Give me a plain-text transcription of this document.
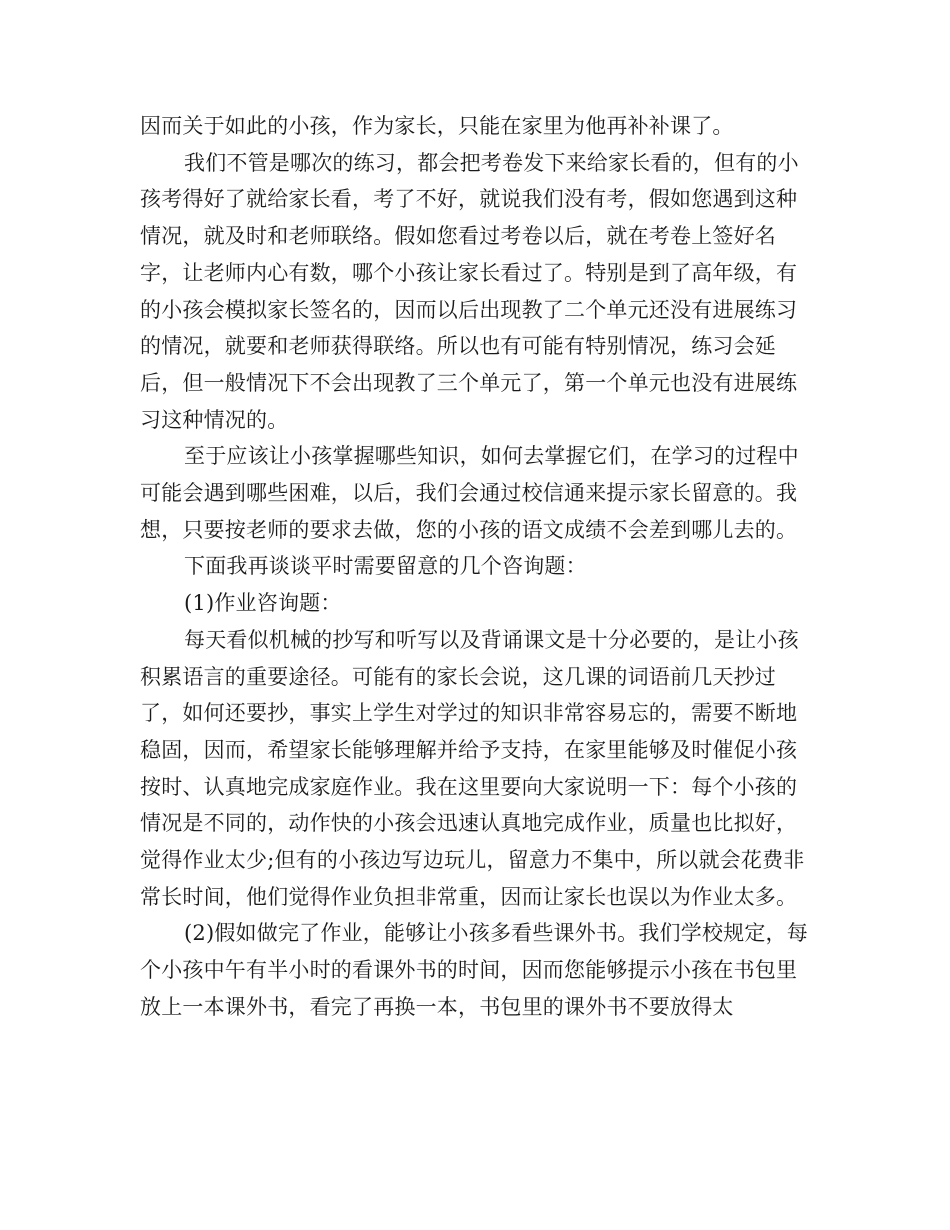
因而关于如此的小孩，作为家长，只能在家里为他再补补课了。

我们不管是哪次的练习，都会把考卷发下来给家长看的，但有的小孩考得好了就给家长看，考了不好，就说我们没有考，假如您遇到这种情况，就及时和老师联络。假如您看过考卷以后，就在考卷上签好名字，让老师内心有数，哪个小孩让家长看过了。特别是到了高年级，有的小孩会模拟家长签名的，因而以后出现教了二个单元还没有进展练习的情况，就要和老师获得联络。所以也有可能有特别情况，练习会延后，但一般情况下不会出现教了三个单元了，第一个单元也没有进展练习这种情况的。

至于应该让小孩掌握哪些知识，如何去掌握它们，在学习的过程中可能会遇到哪些困难，以后，我们会通过校信通来提示家长留意的。我想，只要按老师的要求去做，您的小孩的语文成绩不会差到哪儿去的。

下面我再谈谈平时需要留意的几个咨询题：

(1)作业咨询题：

每天看似机械的抄写和听写以及背诵课文是十分必要的，是让小孩积累语言的重要途径。可能有的家长会说，这几课的词语前几天抄过了，如何还要抄，事实上学生对学过的知识非常容易忘的，需要不断地稳固，因而，希望家长能够理解并给予支持，在家里能够及时催促小孩按时、认真地完成家庭作业。我在这里要向大家说明一下：每个小孩的情况是不同的，动作快的小孩会迅速认真地完成作业，质量也比拟好，觉得作业太少;但有的小孩边写边玩儿，留意力不集中，所以就会花费非常长时间，他们觉得作业负担非常重，因而让家长也误以为作业太多。

(2)假如做完了作业，能够让小孩多看些课外书。我们学校规定，每个小孩中午有半小时的看课外书的时间，因而您能够提示小孩在书包里放上一本课外书，看完了再换一本，书包里的课外书不要放得太
